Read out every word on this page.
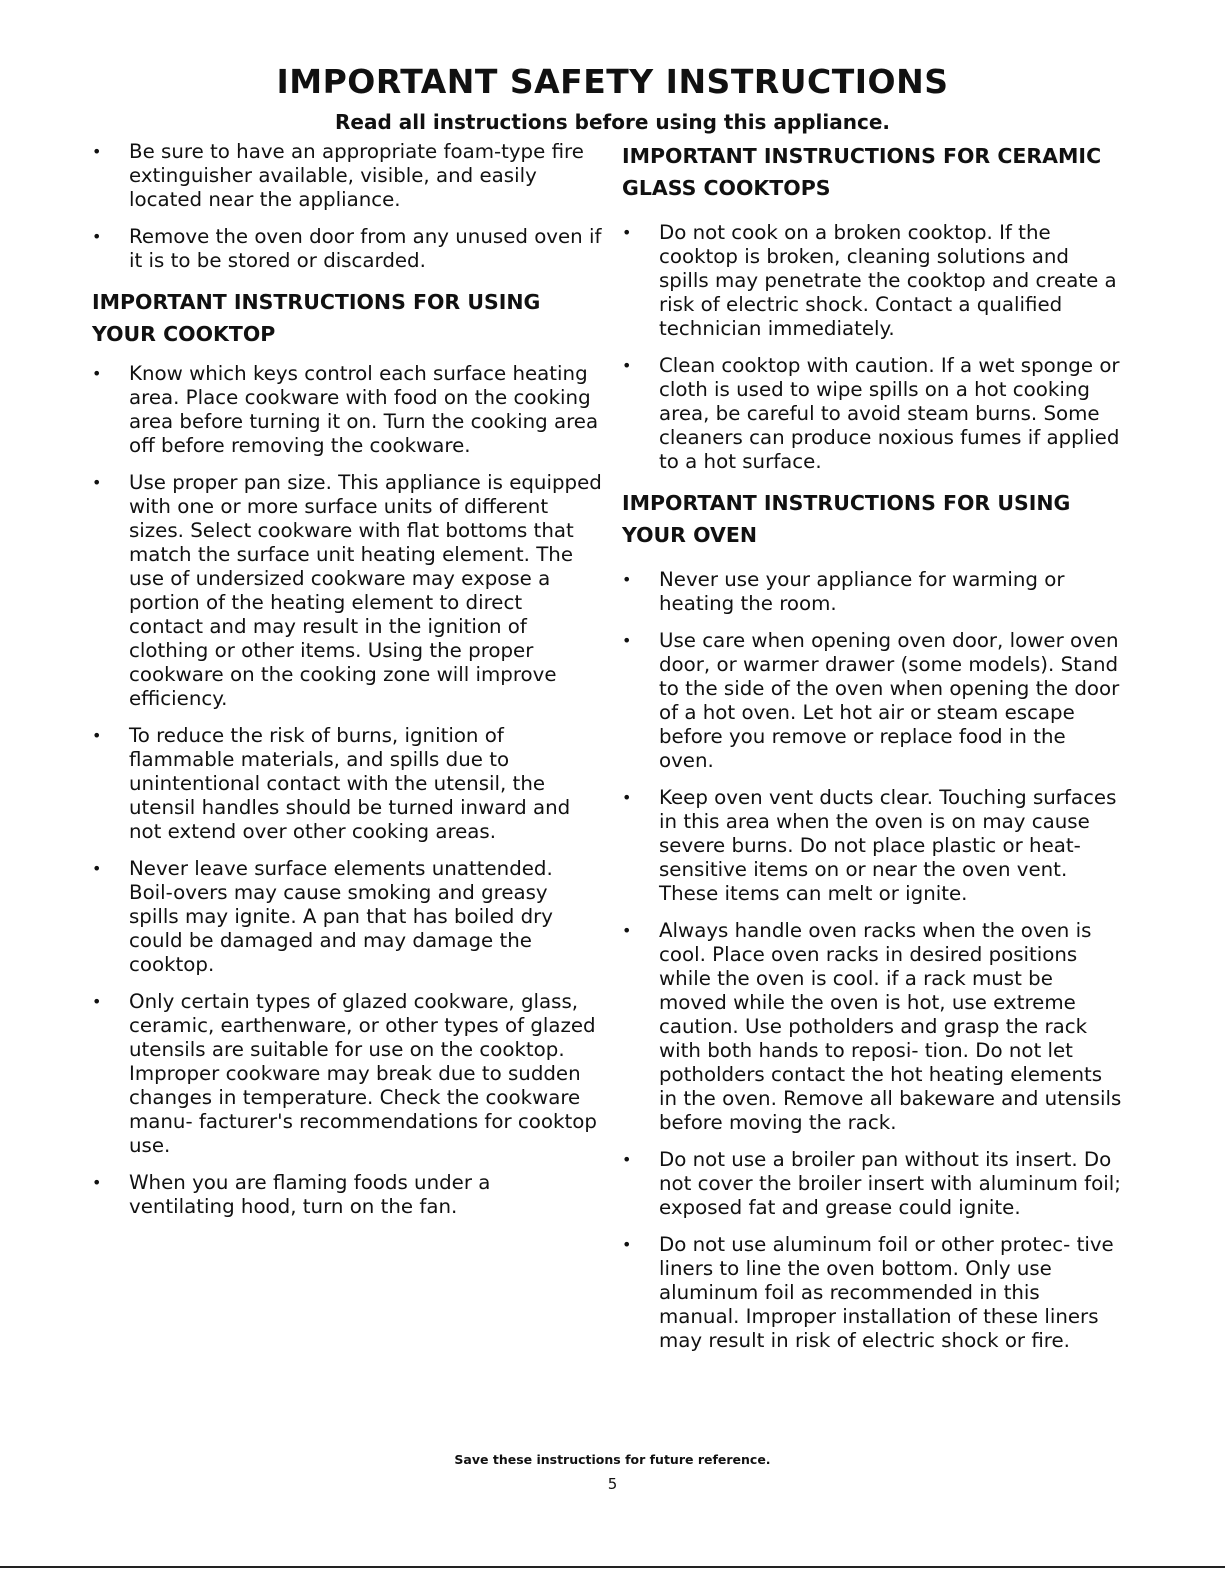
IMPORTANT SAFETY INSTRUCTIONS
Read all instructions before using this appliance.
• Be sure to have an appropriate foam-type fire extinguisher available, visible, and easily located near the appliance.
• Remove the oven door from any unused oven if it is to be stored or discarded.
IMPORTANT INSTRUCTIONS FOR USING YOUR COOKTOP
• Know which keys control each surface heating area. Place cookware with food on the cooking area before turning it on. Turn the cooking area off before removing the cookware.
• Use proper pan size. This appliance is equipped with one or more surface units of different sizes. Select cookware with flat bottoms that match the surface unit heating element. The use of undersized cookware may expose a portion of the heating element to direct contact and may result in the ignition of clothing or other items. Using the proper cookware on the cooking zone will improve efficiency.
• To reduce the risk of burns, ignition of flammable materials, and spills due to unintentional contact with the utensil, the utensil handles should be turned inward and not extend over other cooking areas.
• Never leave surface elements unattended. Boil-overs may cause smoking and greasy spills may ignite. A pan that has boiled dry could be damaged and may damage the cooktop.
• Only certain types of glazed cookware, glass, ceramic, earthenware, or other types of glazed utensils are suitable for use on the cooktop. Improper cookware may break due to sudden changes in temperature. Check the cookware manu- facturer's recommendations for cooktop use.
• When you are flaming foods under a ventilating hood, turn on the fan.
IMPORTANT INSTRUCTIONS FOR CERAMIC GLASS COOKTOPS
• Do not cook on a broken cooktop. If the cooktop is broken, cleaning solutions and spills may penetrate the cooktop and create a risk of electric shock. Contact a qualified technician immediately.
• Clean cooktop with caution. If a wet sponge or cloth is used to wipe spills on a hot cooking area, be careful to avoid steam burns. Some cleaners can produce noxious fumes if applied to a hot surface.
IMPORTANT INSTRUCTIONS FOR USING YOUR OVEN
• Never use your appliance for warming or heating the room.
• Use care when opening oven door, lower oven door, or warmer drawer (some models). Stand to the side of the oven when opening the door of a hot oven. Let hot air or steam escape before you remove or replace food in the oven.
• Keep oven vent ducts clear. Touching surfaces in this area when the oven is on may cause severe burns. Do not place plastic or heat-sensitive items on or near the oven vent. These items can melt or ignite.
• Always handle oven racks when the oven is cool. Place oven racks in desired positions while the oven is cool. if a rack must be moved while the oven is hot, use extreme caution. Use potholders and grasp the rack with both hands to reposi- tion. Do not let potholders contact the hot heating elements in the oven. Remove all bakeware and utensils before moving the rack.
• Do not use a broiler pan without its insert. Do not cover the broiler insert with aluminum foil; exposed fat and grease could ignite.
• Do not use aluminum foil or other protec- tive liners to line the oven bottom. Only use aluminum foil as recommended in this manual. Improper installation of these liners may result in risk of electric shock or fire.
Save these instructions for future reference.
5
